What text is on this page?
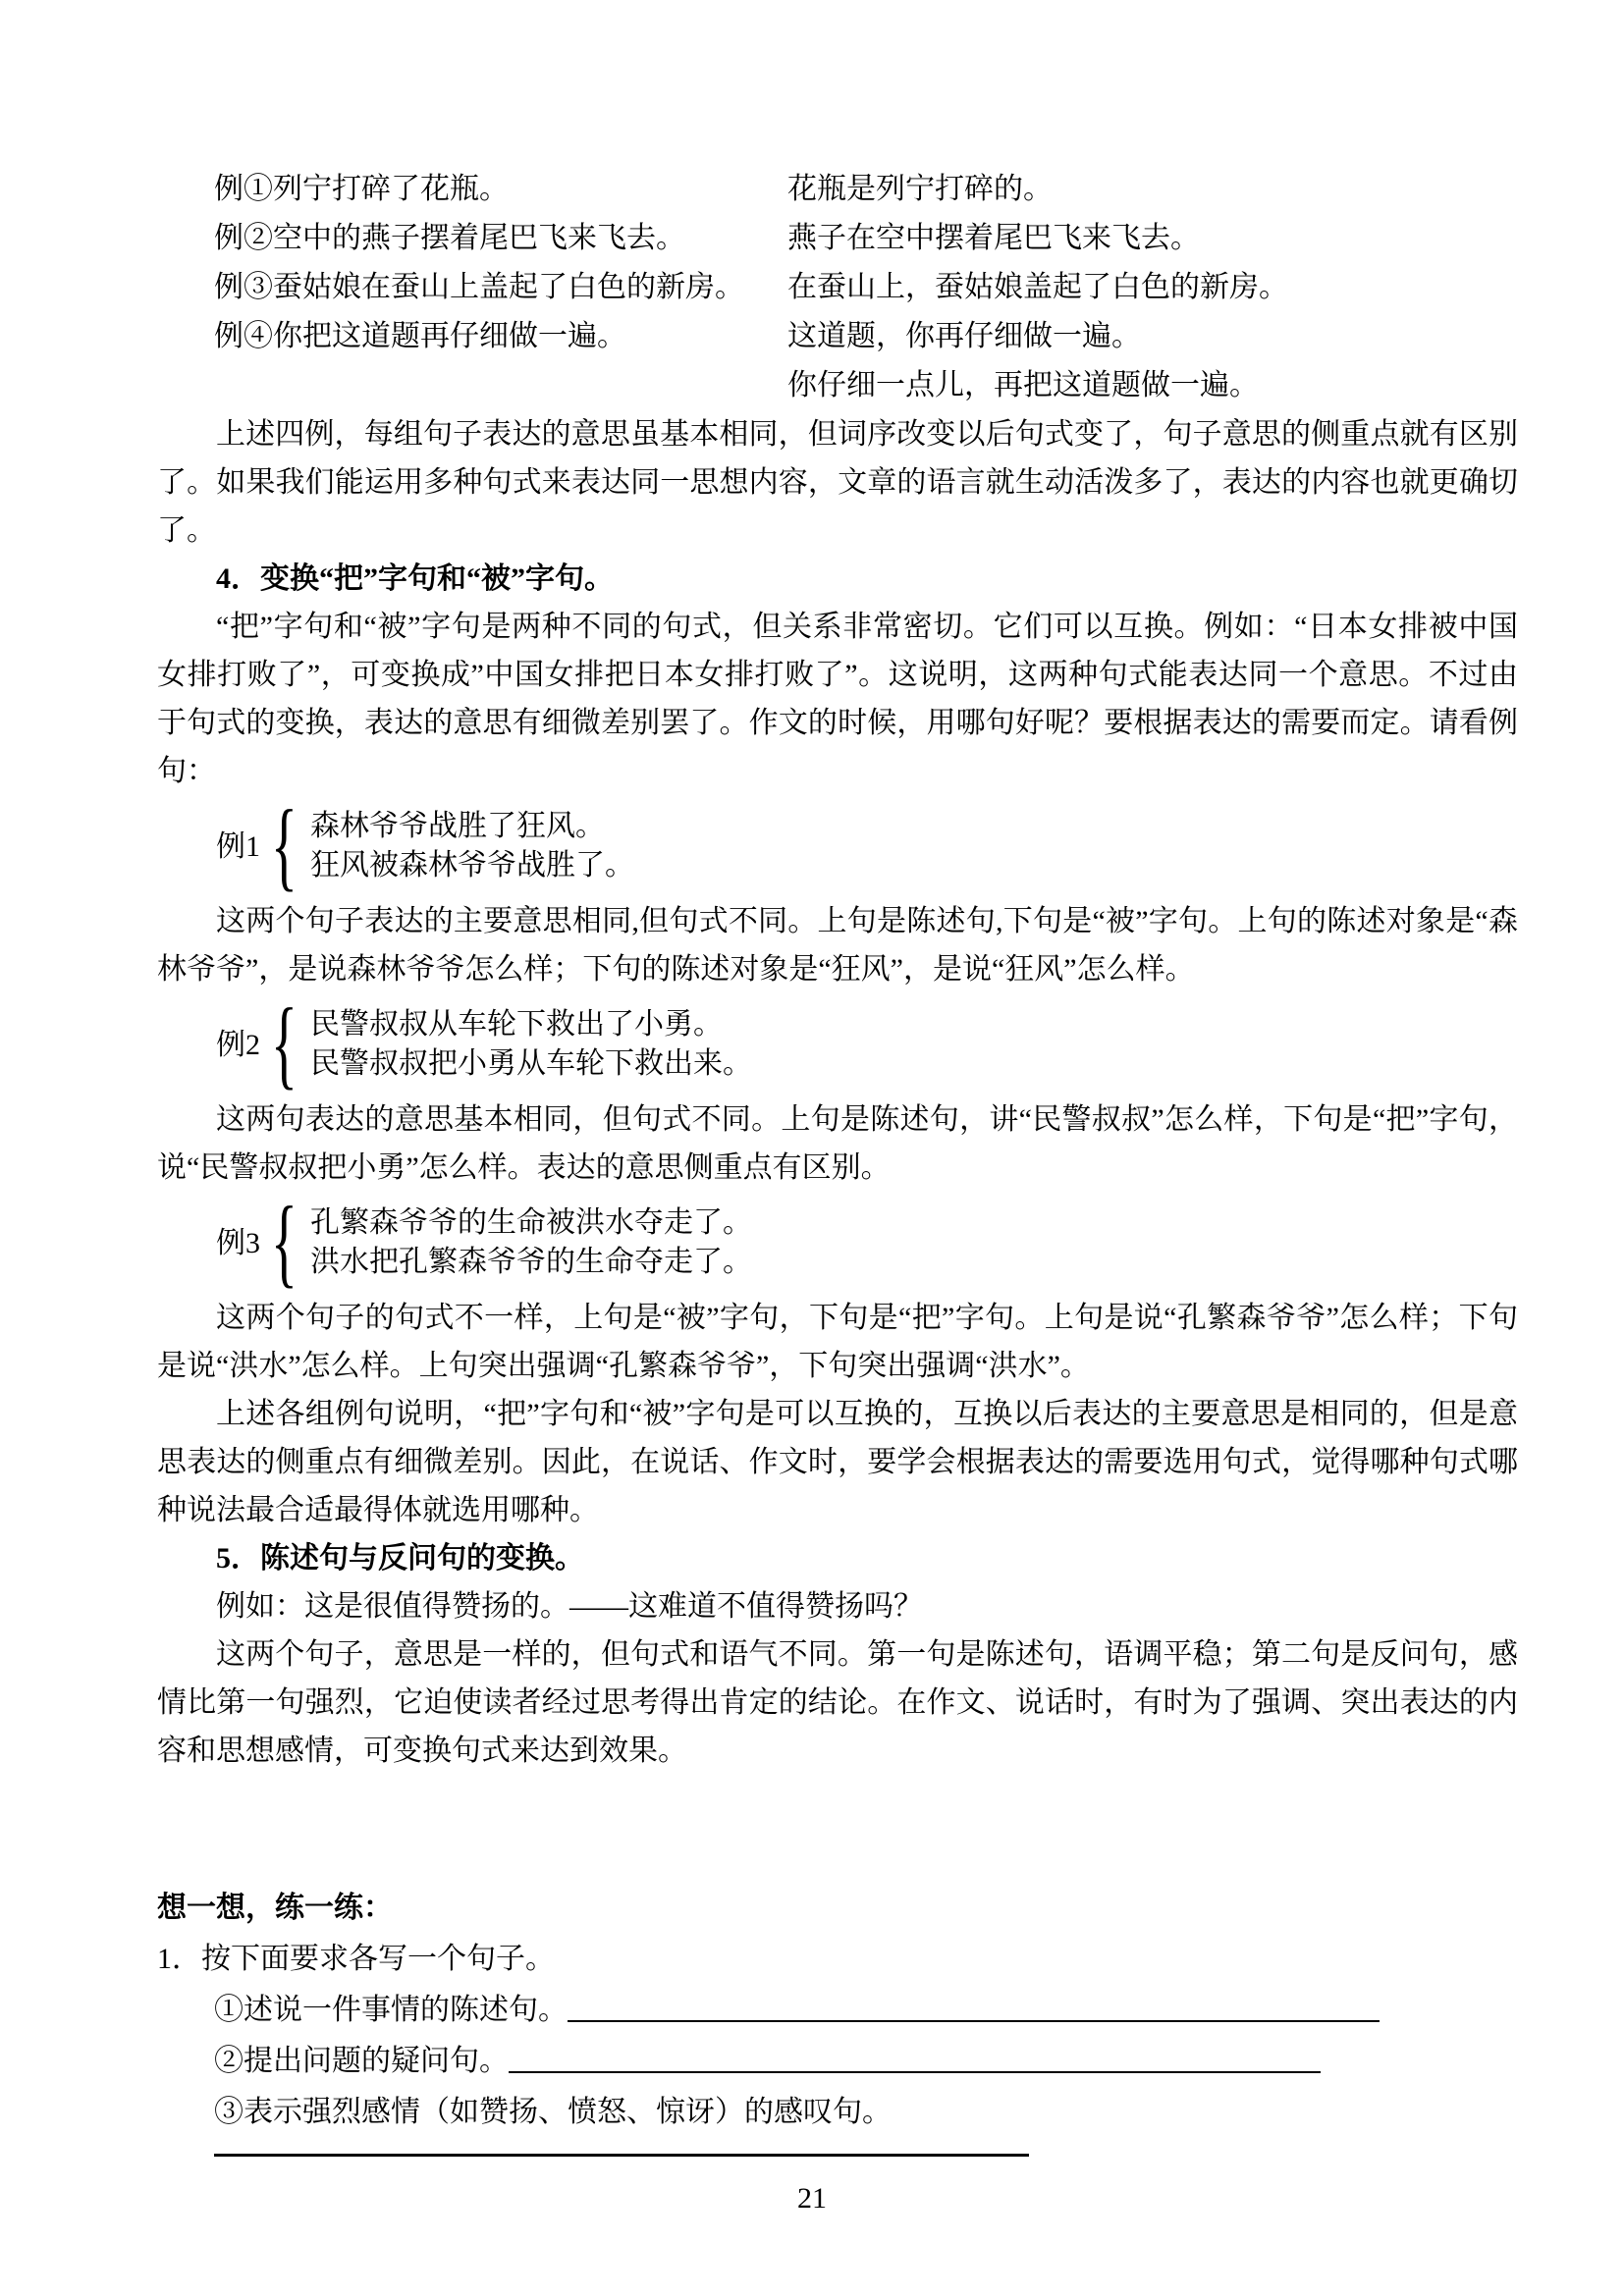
例①列宁打碎了花瓶。	花瓶是列宁打碎的。
例②空中的燕子摆着尾巴飞来飞去。	燕子在空中摆着尾巴飞来飞去。
例③蚕姑娘在蚕山上盖起了白色的新房。 在蚕山上，蚕姑娘盖起了白色的新房。
例④你把这道题再仔细做一遍。	这道题，你再仔细做一遍。
你仔细一点儿，再把这道题做一遍。

上述四例，每组句子表达的意思虽基本相同，但词序改变以后句式变了，句子意思的侧重点就有区别了。如果我们能运用多种句式来表达同一思想内容，文章的语言就生动活泼多了，表达的内容也就更确切了。

4．变换“把”字句和“被”字句。

“把”字句和“被”字句是两种不同的句式，但关系非常密切。它们可以互换。例如：“日本女排被中国女排打败了”，可变换成”中国女排把日本女排打败了”。这说明，这两种句式能表达同一个意思。不过由于句式的变换，表达的意思有细微差别罢了。作文的时候，用哪句好呢？要根据表达的需要而定。请看例句：

例1 { 森林爷爷战胜了狂风。
狂风被森林爷爷战胜了。

这两个句子表达的主要意思相同,但句式不同。上句是陈述句,下句是“被”字句。上句的陈述对象是“森林爷爷”，是说森林爷爷怎么样；下句的陈述对象是“狂风”，是说“狂风”怎么样。

例2 { 民警叔叔从车轮下救出了小勇。
民警叔叔把小勇从车轮下救出来。

这两句表达的意思基本相同，但句式不同。上句是陈述句，讲“民警叔叔”怎么样，下句是“把”字句，说“民警叔叔把小勇”怎么样。表达的意思侧重点有区别。

例3 { 孔繁森爷爷的生命被洪水夺走了。
洪水把孔繁森爷爷的生命夺走了。

这两个句子的句式不一样，上句是“被”字句，下句是“把”字句。上句是说“孔繁森爷爷”怎么样；下句是说“洪水”怎么样。上句突出强调“孔繁森爷爷”，下句突出强调“洪水”。

上述各组例句说明，“把”字句和“被”字句是可以互换的，互换以后表达的主要意思是相同的，但是意思表达的侧重点有细微差别。因此，在说话、作文时，要学会根据表达的需要选用句式，觉得哪种句式哪种说法最合适最得体就选用哪种。

5．陈述句与反问句的变换。

例如：这是很值得赞扬的。——这难道不值得赞扬吗？

这两个句子，意思是一样的，但句式和语气不同。第一句是陈述句，语调平稳；第二句是反问句，感情比第一句强烈，它迫使读者经过思考得出肯定的结论。在作文、说话时，有时为了强调、突出表达的内容和思想感情，可变换句式来达到效果。

想一想，练一练：
1．按下面要求各写一个句子。
①述说一件事情的陈述句。
②提出问题的疑问句。
③表示强烈感情（如赞扬、愤怒、惊讶）的感叹句。
21
